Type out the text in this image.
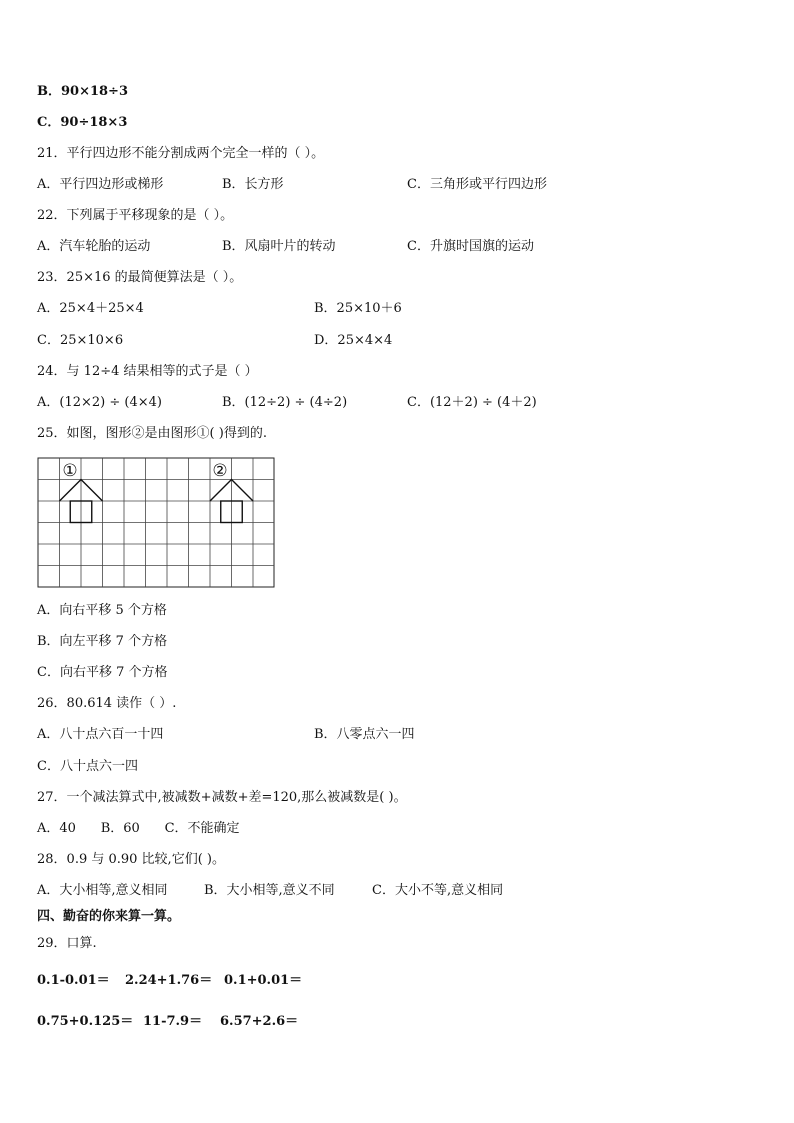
B．90×18÷3
C．90÷18×3
21．平行四边形不能分割成两个完全一样的（ ）。
A．平行四边形或梯形	B．长方形	C．三角形或平行四边形
22．下列属于平移现象的是（ ）。
A．汽车轮胎的运动	B．风扇叶片的转动	C．升旗时国旗的运动
23．25×16 的最简便算法是（ ）。
A．25×4＋25×4	B．25×10＋6
C．25×10×6	D．25×4×4
24．与 12÷4 结果相等的式子是（ ）
A．(12×2) ÷ (4×4)	B．(12÷2) ÷ (4÷2)	C．(12＋2) ÷ (4＋2)
25．如图，图形②是由图形①( )得到的.
①	②
A．向右平移 5 个方格
B．向左平移 7 个方格
C．向右平移 7 个方格
26．80.614 读作（ ）.
A．八十点六百一十四	B．八零点六一四
C．八十点六一四
27．一个减法算式中,被减数+减数+差=120,那么被减数是( )。
A．40      B．60      C．不能确定
28．0.9 与 0.90 比较,它们( )。
A．大小相等,意义相同	B．大小相等,意义不同	C．大小不等,意义相同
四、勤奋的你来算一算。
29．口算.
0.1-0.01＝ 2.24+1.76＝ 0.1+0.01＝
0.75+0.125＝ 11-7.9＝ 6.57+2.6＝
